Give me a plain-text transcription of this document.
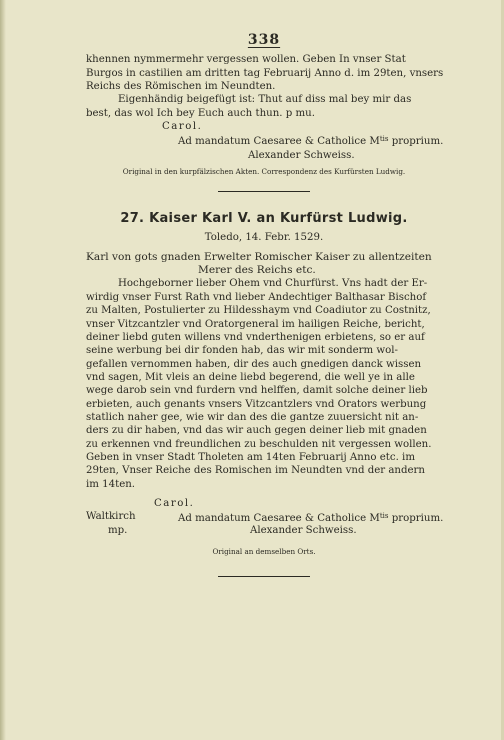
338
khennen nymmermehr vergessen wollen. Geben In vnser Stat
Burgos in castilien am dritten tag Februarij Anno d. im 29ten, vnsers
Reichs des Römischen im Neundten.
Eigenhändig beigefügt ist: Thut auf diss mal bey mir das
best, das wol Ich bey Euch auch thun. p mu.
Carol.
Ad mandatum Caesaree & Catholice $M^{tis}$ proprium.
Alexander Schweiss.
Original in den kurpfälzischen Akten. Correspondenz des Kurfürsten Ludwig.
27. Kaiser Karl V. an Kurfürst Ludwig.
Toledo, 14. Febr. 1529.
Karl von gots gnaden Erwelter Romischer Kaiser zu allentzeiten
Merer des Reichs etc.
Hochgeborner lieber Ohem vnd Churfürst. Vns hadt der Er-
wirdig vnser Furst Rath vnd lieber Andechtiger Balthasar Bischof
zu Malten, Postulierter zu Hildesshaym vnd Coadiutor zu Costnitz,
vnser Vitzcantzler vnd Oratorgeneral im hailigen Reiche, bericht,
deiner liebd guten willens vnd vnderthenigen erbietens, so er auf
seine werbung bei dir fonden hab, das wir mit sonderm wol-
gefallen vernommen haben, dir des auch gnedigen danck wissen
vnd sagen, Mit vleis an deine liebd begerend, die well ye in alle
wege darob sein vnd furdern vnd helffen, damit solche deiner lieb
erbieten, auch genants vnsers Vitzcantzlers vnd Orators werbung
statlich naher gee, wie wir dan des die gantze zuuersicht nit an-
ders zu dir haben, vnd das wir auch gegen deiner lieb mit gnaden
zu erkennen vnd freundlichen zu beschulden nit vergessen wollen.
Geben in vnser Stadt Tholeten am 14ten Februarij Anno etc. im
29ten, Vnser Reiche des Romischen im Neundten vnd der andern
im 14ten.
Carol.
Waltkirch	Ad mandatum Caesaree & Catholice $M^{tis}$ proprium.
mp.	Alexander Schweiss.
Original an demselben Orts.
